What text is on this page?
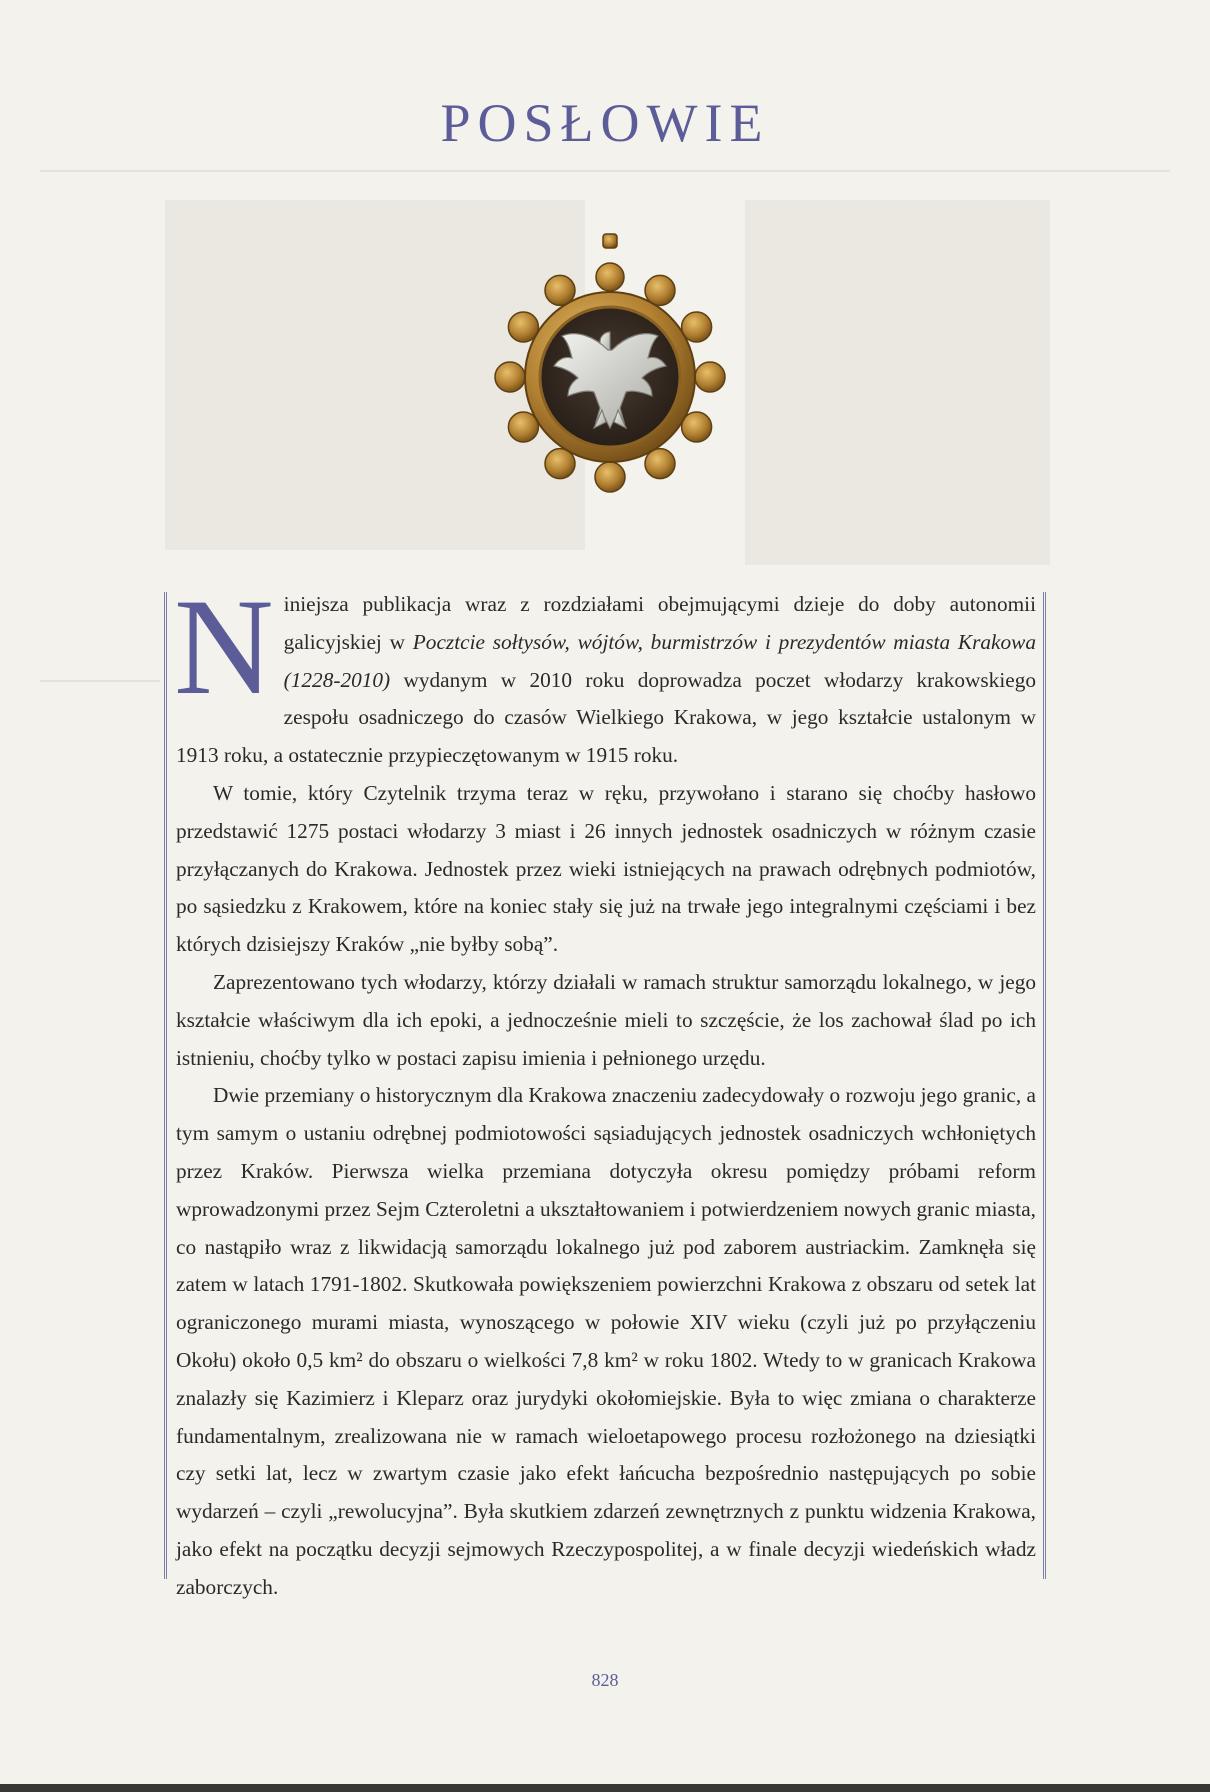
POSŁOWIE

Niniejsza publikacja wraz z rozdziałami obejmującymi dzieje do doby autonomii galicyjskiej w Pocztcie sołtysów, wójtów, burmistrzów i prezydentów miasta Krakowa (1228-2010) wydanym w 2010 roku doprowadza poczet włodarzy krakowskiego zespołu osadniczego do czasów Wielkiego Krakowa, w jego kształcie ustalonym w 1913 roku, a ostatecznie przypieczętowanym w 1915 roku.

W tomie, który Czytelnik trzyma teraz w ręku, przywołano i starano się choćby hasłowo przedstawić 1275 postaci włodarzy 3 miast i 26 innych jednostek osadniczych w różnym czasie przyłączanych do Krakowa. Jednostek przez wieki istniejących na prawach odrębnych podmiotów, po sąsiedzku z Krakowem, które na koniec stały się już na trwałe jego integralnymi częściami i bez których dzisiejszy Kraków „nie byłby sobą”.

Zaprezentowano tych włodarzy, którzy działali w ramach struktur samorządu lokalnego, w jego kształcie właściwym dla ich epoki, a jednocześnie mieli to szczęście, że los zachował ślad po ich istnieniu, choćby tylko w postaci zapisu imienia i pełnionego urzędu.

Dwie przemiany o historycznym dla Krakowa znaczeniu zadecydowały o rozwoju jego granic, a tym samym o ustaniu odrębnej podmiotowości sąsiadujących jednostek osadniczych wchłoniętych przez Kraków. Pierwsza wielka przemiana dotyczyła okresu pomiędzy próbami reform wprowadzonymi przez Sejm Czteroletni a ukształtowaniem i potwierdzeniem nowych granic miasta, co nastąpiło wraz z likwidacją samorządu lokalnego już pod zaborem austriackim. Zamknęła się zatem w latach 1791-1802. Skutkowała powiększeniem powierzchni Krakowa z obszaru od setek lat ograniczonego murami miasta, wynoszącego w połowie XIV wieku (czyli już po przyłączeniu Okołu) około 0,5 km² do obszaru o wielkości 7,8 km² w roku 1802. Wtedy to w granicach Krakowa znalazły się Kazimierz i Kleparz oraz jurydyki okołomiejskie. Była to więc zmiana o charakterze fundamentalnym, zrealizowana nie w ramach wieloetapowego procesu rozłożonego na dziesiątki czy setki lat, lecz w zwartym czasie jako efekt łańcucha bezpośrednio następujących po sobie wydarzeń – czyli „rewolucyjna”. Była skutkiem zdarzeń zewnętrznych z punktu widzenia Krakowa, jako efekt na początku decyzji sejmowych Rzeczypospolitej, a w finale decyzji wiedeńskich władz zaborczych.

828
